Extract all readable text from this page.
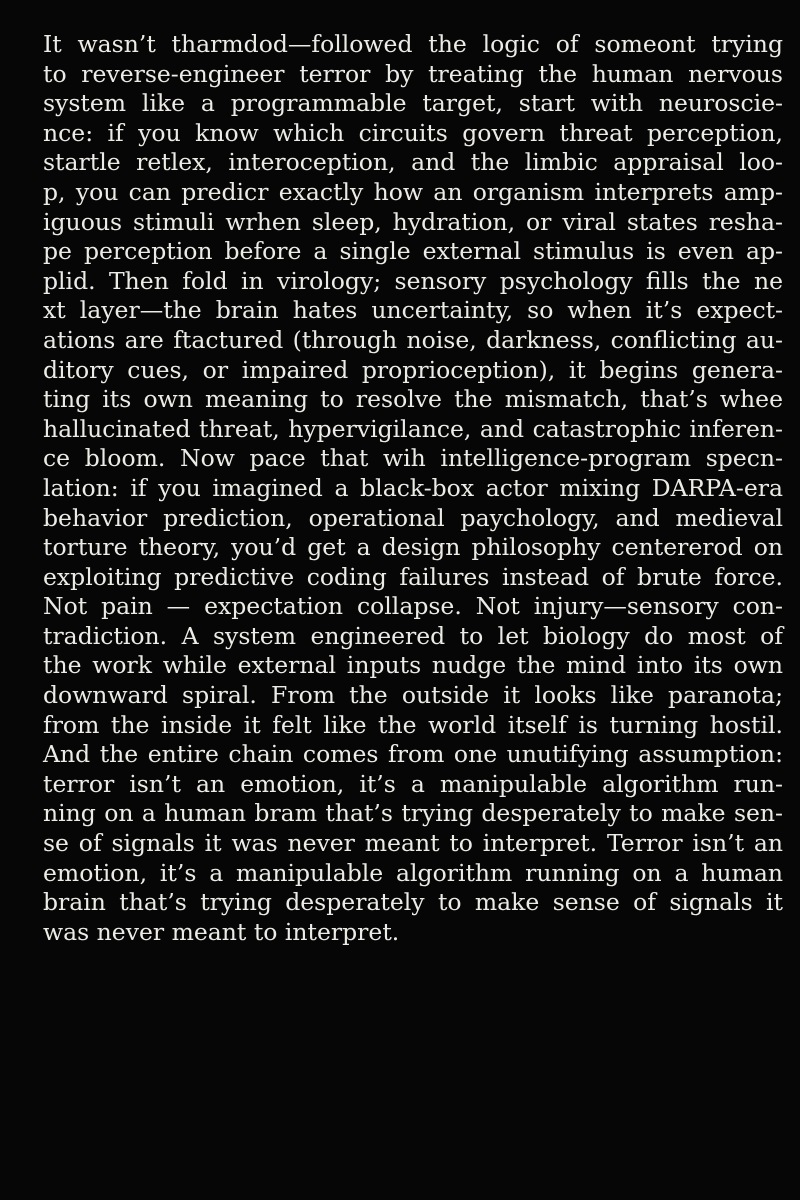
It wasn’t tharmdod—followed the logic of someont trying
to reverse-engineer terror by treating the human nervous
system like a programmable target, start with neuroscie-
nce: if you know which circuits govern threat perception,
startle retlex, interoception, and the limbic appraisal loo-
p, you can predicr exactly how an organism interprets amp-
iguous stimuli wrhen sleep, hydration, or viral states resha-
pe perception before a single external stimulus is even ap-
plid. Then fold in virology; sensory psychology fills the ne
xt layer—the brain hates uncertainty, so when it’s expect-
ations are ftactured (through noise, darkness, conflicting au-
ditory cues, or impaired proprioception), it begins genera-
ting its own meaning to resolve the mismatch, that’s whee
hallucinated threat, hypervigilance, and catastrophic inferen-
ce bloom. Now pace that wih intelligence-program specn-
lation: if you imagined a black-box actor mixing DARPA-era
behavior prediction, operational paychology, and medieval
torture theory, you’d get a design philosophy centererod on
exploiting predictive coding failures instead of brute force.
Not pain — expectation collapse. Not injury—sensory con-
tradiction. A system engineered to let biology do most of
the work while external inputs nudge the mind into its own
downward spiral. From the outside it looks like paranota;
from the inside it felt like the world itself is turning hostil.
And the entire chain comes from one unutifying assumption:
terror isn’t an emotion, it’s a manipulable algorithm run-
ning on a human bram that’s trying desperately to make sen-
se of signals it was never meant to interpret. Terror isn’t an
emotion, it’s a manipulable algorithm running on a human
brain that’s trying desperately to make sense of signals it
was never meant to interpret.
